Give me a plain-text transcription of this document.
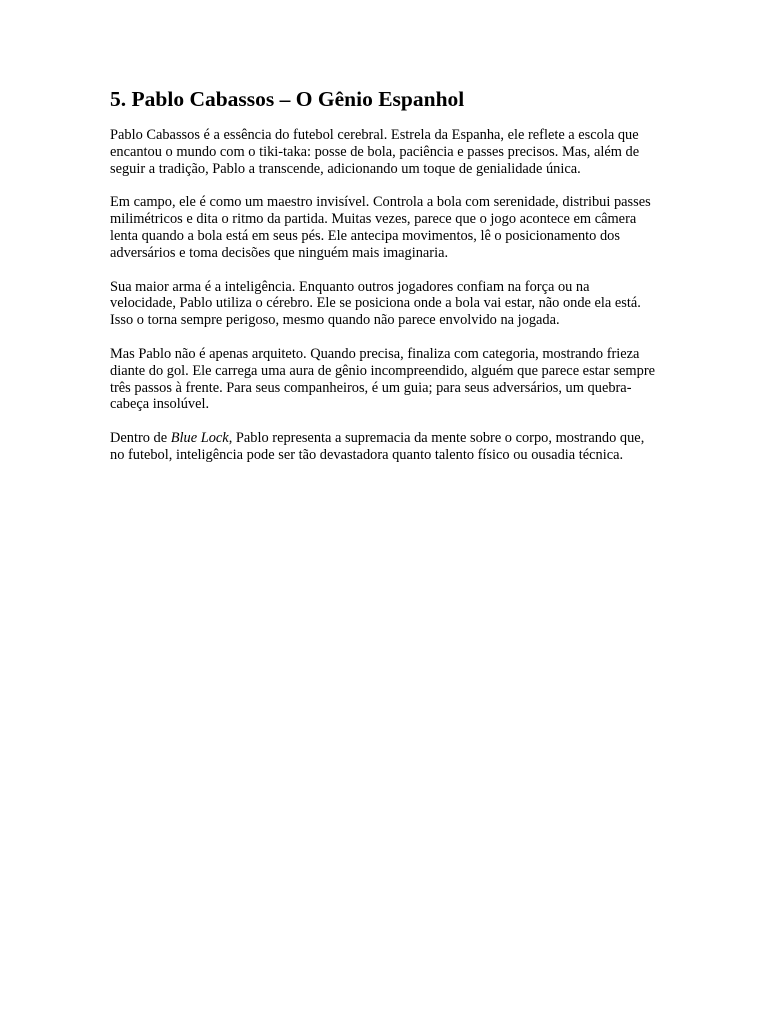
5. Pablo Cabassos – O Gênio Espanhol

Pablo Cabassos é a essência do futebol cerebral. Estrela da Espanha, ele reflete a escola que encantou o mundo com o tiki-taka: posse de bola, paciência e passes precisos. Mas, além de seguir a tradição, Pablo a transcende, adicionando um toque de genialidade única.

Em campo, ele é como um maestro invisível. Controla a bola com serenidade, distribui passes milimétricos e dita o ritmo da partida. Muitas vezes, parece que o jogo acontece em câmera lenta quando a bola está em seus pés. Ele antecipa movimentos, lê o posicionamento dos adversários e toma decisões que ninguém mais imaginaria.

Sua maior arma é a inteligência. Enquanto outros jogadores confiam na força ou na velocidade, Pablo utiliza o cérebro. Ele se posiciona onde a bola vai estar, não onde ela está. Isso o torna sempre perigoso, mesmo quando não parece envolvido na jogada.

Mas Pablo não é apenas arquiteto. Quando precisa, finaliza com categoria, mostrando frieza diante do gol. Ele carrega uma aura de gênio incompreendido, alguém que parece estar sempre três passos à frente. Para seus companheiros, é um guia; para seus adversários, um quebra-cabeça insolúvel.

Dentro de Blue Lock, Pablo representa a supremacia da mente sobre o corpo, mostrando que, no futebol, inteligência pode ser tão devastadora quanto talento físico ou ousadia técnica.
